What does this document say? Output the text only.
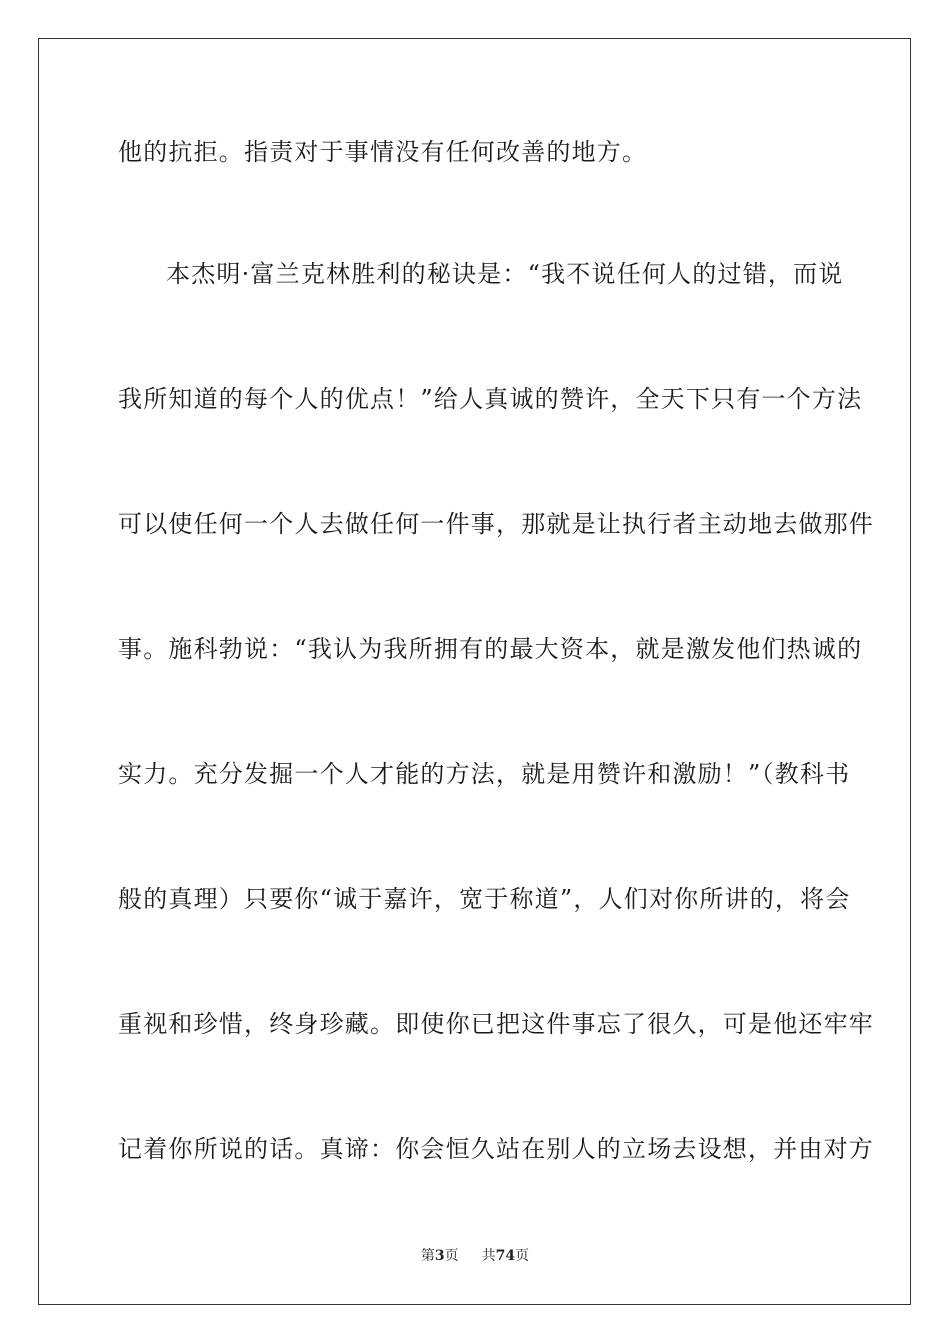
他的抗拒。指责对于事情没有任何改善的地方。
本杰明·富兰克林胜利的秘诀是：“我不说任何人的过错，而说
我所知道的每个人的优点！”给人真诚的赞许，全天下只有一个方法
可以使任何一个人去做任何一件事，那就是让执行者主动地去做那件
事。施科勃说：“我认为我所拥有的最大资本，就是激发他们热诚的
实力。充分发掘一个人才能的方法，就是用赞许和激励！”（教科书
般的真理）只要你“诚于嘉许，宽于称道”，人们对你所讲的，将会
重视和珍惜，终身珍藏。即使你已把这件事忘了很久，可是他还牢牢
记着你所说的话。真谛：你会恒久站在别人的立场去设想，并由对方
第3页 共74页
